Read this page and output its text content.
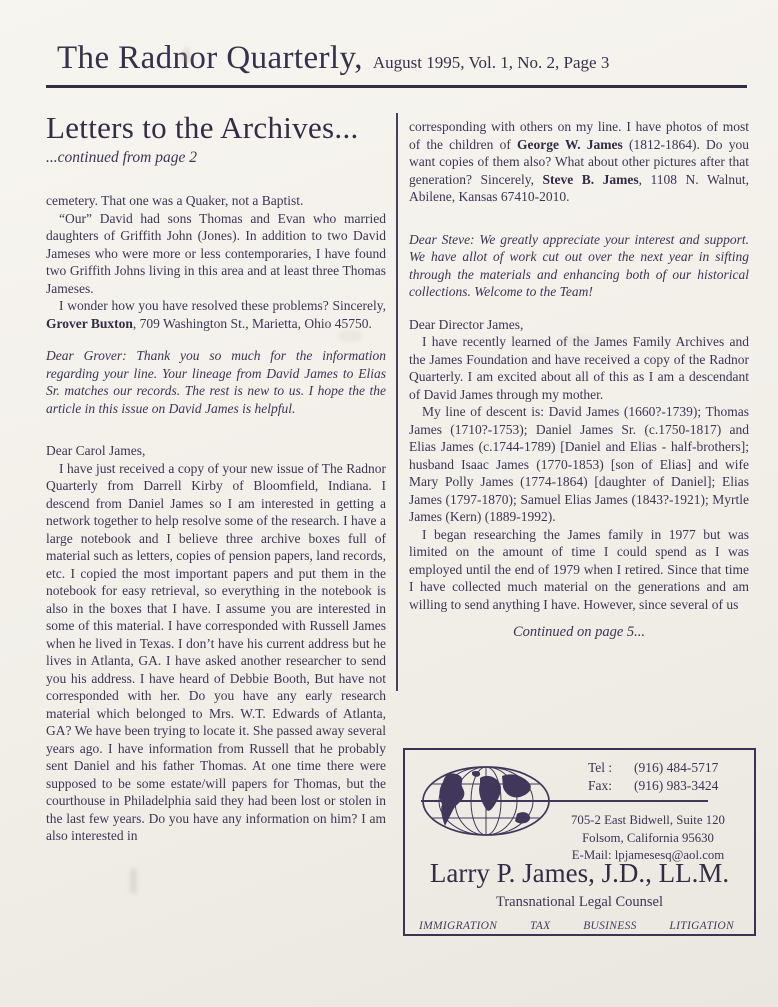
The Radnor Quarterly, August 1995, Vol. 1, No. 2, Page 3
Letters to the Archives...
...continued from page 2

cemetery. That one was a Quaker, not a Baptist.

“Our” David had sons Thomas and Evan who married daughters of Griffith John (Jones). In addition to two David Jameses who were more or less contemporaries, I have found two Griffith Johns living in this area and at least three Thomas Jameses.

I wonder how you have resolved these problems? Sincerely, Grover Buxton, 709 Washington St., Marietta, Ohio 45750.

Dear Grover: Thank you so much for the information regarding your line. Your lineage from David James to Elias Sr. matches our records. The rest is new to us. I hope the the article in this issue on David James is helpful.

Dear Carol James,

I have just received a copy of your new issue of The Radnor Quarterly from Darrell Kirby of Bloomfield, Indiana. I descend from Daniel James so I am interested in getting a network together to help resolve some of the research. I have a large notebook and I believe three archive boxes full of material such as letters, copies of pension papers, land records, etc. I copied the most important papers and put them in the notebook for easy retrieval, so everything in the notebook is also in the boxes that I have. I assume you are interested in some of this material. I have corresponded with Russell James when he lived in Texas. I don’t have his current address but he lives in Atlanta, GA. I have asked another researcher to send you his address. I have heard of Debbie Booth, But have not corresponded with her. Do you have any early research material which belonged to Mrs. W.T. Edwards of Atlanta, GA? We have been trying to locate it. She passed away several years ago. I have information from Russell that he probably sent Daniel and his father Thomas. At one time there were supposed to be some estate/will papers for Thomas, but the courthouse in Philadelphia said they had been lost or stolen in the last few years. Do you have any information on him? I am also interested in

corresponding with others on my line. I have photos of most of the children of George W. James (1812-1864). Do you want copies of them also? What about other pictures after that generation? Sincerely, Steve B. James, 1108 N. Walnut, Abilene, Kansas 67410-2010.

Dear Steve: We greatly appreciate your interest and support. We have allot of work cut out over the next year in sifting through the materials and enhancing both of our historical collections. Welcome to the Team!

Dear Director James,

I have recently learned of the James Family Archives and the James Foundation and have received a copy of the Radnor Quarterly. I am excited about all of this as I am a descendant of David James through my mother.

My line of descent is: David James (1660?-1739); Thomas James (1710?-1753); Daniel James Sr. (c.1750-1817) and Elias James (c.1744-1789) [Daniel and Elias - half-brothers]; husband Isaac James (1770-1853) [son of Elias] and wife Mary Polly James (1774-1864) [daughter of Daniel]; Elias James (1797-1870); Samuel Elias James (1843?-1921); Myrtle James (Kern) (1889-1992).

I began researching the James family in 1977 but was limited on the amount of time I could spend as I was employed until the end of 1979 when I retired. Since that time I have collected much material on the generations and am willing to send anything I have. However, since several of us

Continued on page 5...
Tel :	(916) 484-5717
Fax:	(916) 983-3424
705-2 East Bidwell, Suite 120
Folsom, California 95630
E-Mail: lpjamesesq@aol.com
Larry P. James, J.D., LL.M.
Transnational Legal Counsel
IMMIGRATION	TAX	BUSINESS	LITIGATION
